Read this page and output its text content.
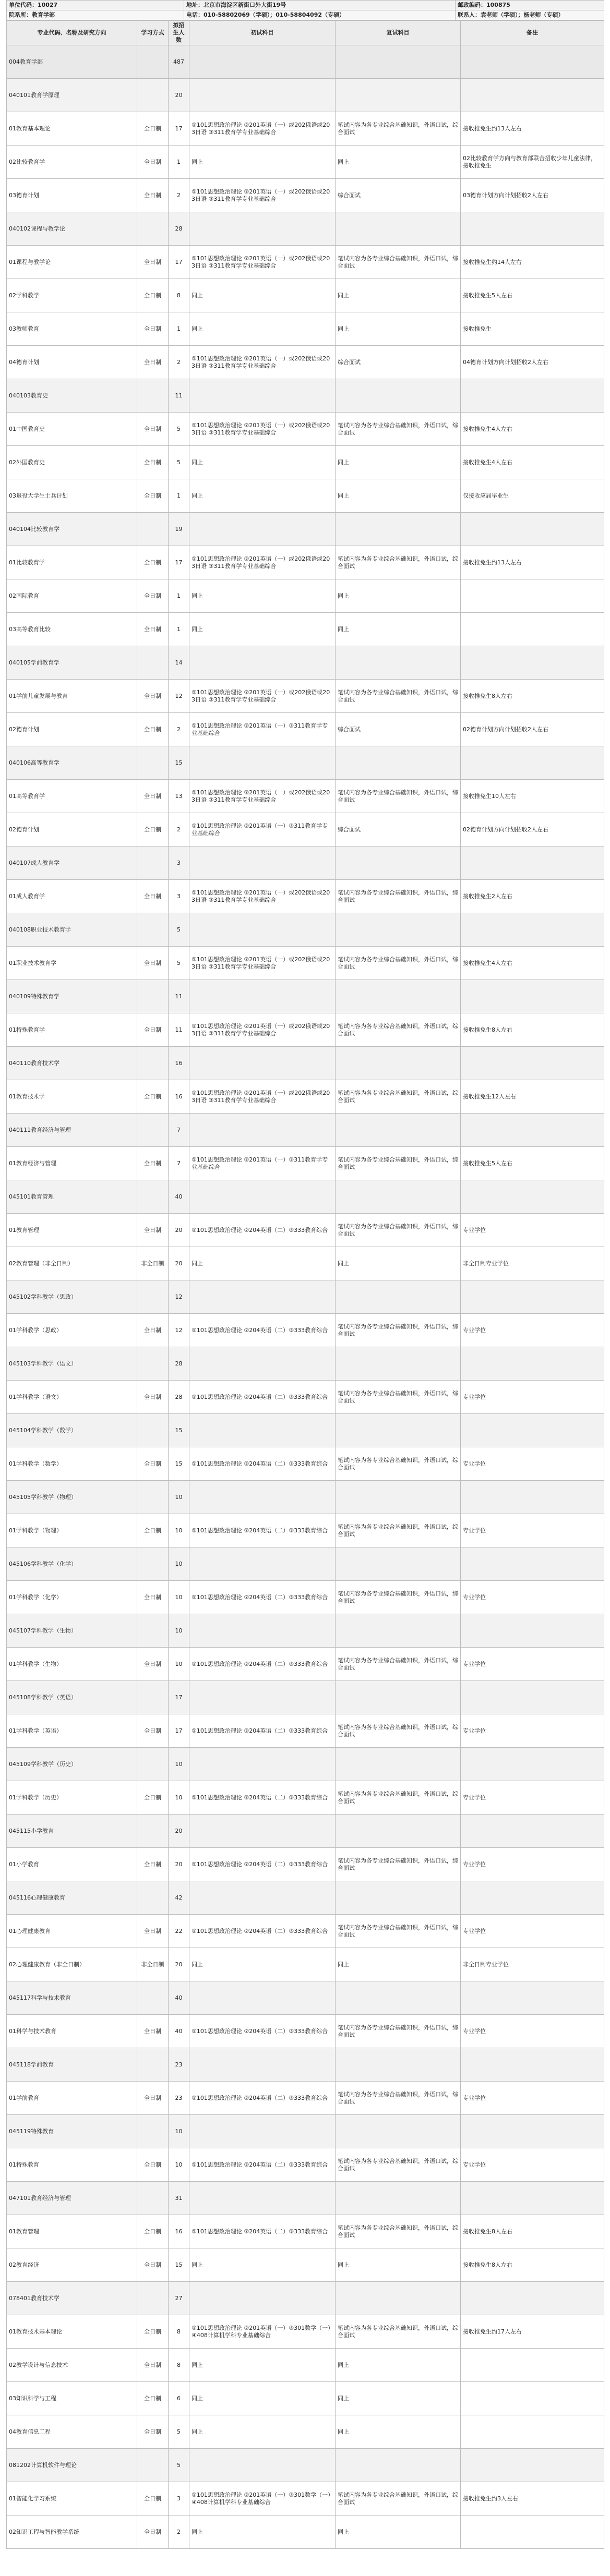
单位代码：10027	地址：北京市海淀区新街口外大街19号	邮政编码：100875
院系所：教育学部	电话：010-58802069（学硕）；010-58804092（专硕）	联系人：袁老师（学硕）；杨老师（专硕）
专业代码、名称及研究方向	学习方式	拟招生人数	初试科目	复试科目	备注
004教育学部		487			
040101教育学原理		20			
01教育基本理论	全日制	17	①101思想政治理论 ②201英语（一）或202俄语或203日语 ③311教育学专业基础综合	笔试内容为各专业综合基础知识，外语口试，综合面试	接收推免生约13人左右
02比较教育学	全日制	1	同上	同上	02比较教育学方向与教育部联合招收少年儿童法律，接收推免生
03德育计划	全日制	2	①101思想政治理论 ②201英语（一）或202俄语或203日语 ③311教育学专业基础综合	综合面试	03德育计划方向计划招收2人左右
040102课程与教学论		28			
01课程与教学论	全日制	17	①101思想政治理论 ②201英语（一）或202俄语或203日语 ③311教育学专业基础综合	笔试内容为各专业综合基础知识，外语口试，综合面试	接收推免生约14人左右
02学科教学	全日制	8	同上	同上	接收推免生5人左右
03教师教育	全日制	1	同上	同上	接收推免生
04德育计划	全日制	2	①101思想政治理论 ②201英语（一）或202俄语或203日语 ③311教育学专业基础综合	综合面试	04德育计划方向计划招收2人左右
040103教育史		11			
01中国教育史	全日制	5	①101思想政治理论 ②201英语（一）或202俄语或203日语 ③311教育学专业基础综合	笔试内容为各专业综合基础知识，外语口试，综合面试	接收推免生4人左右
02外国教育史	全日制	5	同上	同上	接收推免生4人左右
03退役大学生士兵计划	全日制	1	同上	同上	仅接收应届毕业生
040104比较教育学		19			
01比较教育学	全日制	17	①101思想政治理论 ②201英语（一）或202俄语或203日语 ③311教育学专业基础综合	笔试内容为各专业综合基础知识，外语口试，综合面试	接收推免生约13人左右
02国际教育	全日制	1	同上	同上	
03高等教育比较	全日制	1	同上	同上	
040105学前教育学		14			
01学前儿童发展与教育	全日制	12	①101思想政治理论 ②201英语（一）或202俄语或203日语 ③311教育学专业基础综合	笔试内容为各专业综合基础知识，外语口试，综合面试	接收推免生8人左右
02德育计划	全日制	2	①101思想政治理论 ②201英语（一）③311教育学专业基础综合	综合面试	02德育计划方向计划招收2人左右
040106高等教育学		15			
01高等教育学	全日制	13	①101思想政治理论 ②201英语（一）或202俄语或203日语 ③311教育学专业基础综合	笔试内容为各专业综合基础知识，外语口试，综合面试	接收推免生10人左右
02德育计划	全日制	2	①101思想政治理论 ②201英语（一）③311教育学专业基础综合	综合面试	02德育计划方向计划招收2人左右
040107成人教育学		3			
01成人教育学	全日制	3	①101思想政治理论 ②201英语（一）或202俄语或203日语 ③311教育学专业基础综合	笔试内容为各专业综合基础知识，外语口试，综合面试	接收推免生2人左右
040108职业技术教育学		5			
01职业技术教育学	全日制	5	①101思想政治理论 ②201英语（一）或202俄语或203日语 ③311教育学专业基础综合	笔试内容为各专业综合基础知识，外语口试，综合面试	接收推免生4人左右
040109特殊教育学		11			
01特殊教育学	全日制	11	①101思想政治理论 ②201英语（一）或202俄语或203日语 ③311教育学专业基础综合	笔试内容为各专业综合基础知识，外语口试，综合面试	接收推免生8人左右
040110教育技术学		16			
01教育技术学	全日制	16	①101思想政治理论 ②201英语（一）或202俄语或203日语 ③311教育学专业基础综合	笔试内容为各专业综合基础知识，外语口试，综合面试	接收推免生12人左右
040111教育经济与管理		7			
01教育经济与管理	全日制	7	①101思想政治理论 ②201英语（一）③311教育学专业基础综合	笔试内容为各专业综合基础知识，外语口试，综合面试	接收推免生5人左右
045101教育管理		40			
01教育管理	全日制	20	①101思想政治理论 ②204英语（二）③333教育综合	笔试内容为各专业综合基础知识，外语口试，综合面试	专业学位
02教育管理（非全日制）	非全日制	20	同上	同上	非全日制专业学位
045102学科教学（思政）		12			
01学科教学（思政）	全日制	12	①101思想政治理论 ②204英语（二）③333教育综合	笔试内容为各专业综合基础知识，外语口试，综合面试	专业学位
045103学科教学（语文）		28			
01学科教学（语文）	全日制	28	①101思想政治理论 ②204英语（二）③333教育综合	笔试内容为各专业综合基础知识，外语口试，综合面试	专业学位
045104学科教学（数学）		15			
01学科教学（数学）	全日制	15	①101思想政治理论 ②204英语（二）③333教育综合	笔试内容为各专业综合基础知识，外语口试，综合面试	专业学位
045105学科教学（物理）		10			
01学科教学（物理）	全日制	10	①101思想政治理论 ②204英语（二）③333教育综合	笔试内容为各专业综合基础知识，外语口试，综合面试	专业学位
045106学科教学（化学）		10			
01学科教学（化学）	全日制	10	①101思想政治理论 ②204英语（二）③333教育综合	笔试内容为各专业综合基础知识，外语口试，综合面试	专业学位
045107学科教学（生物）		10			
01学科教学（生物）	全日制	10	①101思想政治理论 ②204英语（二）③333教育综合	笔试内容为各专业综合基础知识，外语口试，综合面试	专业学位
045108学科教学（英语）		17			
01学科教学（英语）	全日制	17	①101思想政治理论 ②204英语（二）③333教育综合	笔试内容为各专业综合基础知识，外语口试，综合面试	专业学位
045109学科教学（历史）		10			
01学科教学（历史）	全日制	10	①101思想政治理论 ②204英语（二）③333教育综合	笔试内容为各专业综合基础知识，外语口试，综合面试	专业学位
045115小学教育		20			
01小学教育	全日制	20	①101思想政治理论 ②204英语（二）③333教育综合	笔试内容为各专业综合基础知识，外语口试，综合面试	专业学位
045116心理健康教育		42			
01心理健康教育	全日制	22	①101思想政治理论 ②204英语（二）③333教育综合	笔试内容为各专业综合基础知识，外语口试，综合面试	专业学位
02心理健康教育（非全日制）	非全日制	20	同上	同上	非全日制专业学位
045117科学与技术教育		40			
01科学与技术教育	全日制	40	①101思想政治理论 ②204英语（二）③333教育综合	笔试内容为各专业综合基础知识，外语口试，综合面试	专业学位
045118学前教育		23			
01学前教育	全日制	23	①101思想政治理论 ②204英语（二）③333教育综合	笔试内容为各专业综合基础知识，外语口试，综合面试	专业学位
045119特殊教育		10			
01特殊教育	全日制	10	①101思想政治理论 ②204英语（二）③333教育综合	笔试内容为各专业综合基础知识，外语口试，综合面试	专业学位
047101教育经济与管理		31			
01教育管理	全日制	16	①101思想政治理论 ②204英语（二）③333教育综合	笔试内容为各专业综合基础知识，外语口试，综合面试	接收推免生8人左右
02教育经济	全日制	15	同上	同上	接收推免生8人左右
078401教育技术学		27			
01教育技术基本理论	全日制	8	①101思想政治理论 ②201英语（一）③301数学（一）④408计算机学科专业基础综合	笔试内容为各专业综合基础知识，外语口试，综合面试	接收推免生约17人左右
02教学设计与信息技术	全日制	8	同上	同上	
03知识科学与工程	全日制	6	同上	同上	
04教育信息工程	全日制	5	同上	同上	
081202计算机软件与理论		5			
01智能化学习系统	全日制	3	①101思想政治理论 ②201英语（一）③301数学（一）④408计算机学科专业基础综合	笔试内容为各专业综合基础知识，外语口试，综合面试	接收推免生约3人左右
02知识工程与智能教学系统	全日制	2	同上	同上	
